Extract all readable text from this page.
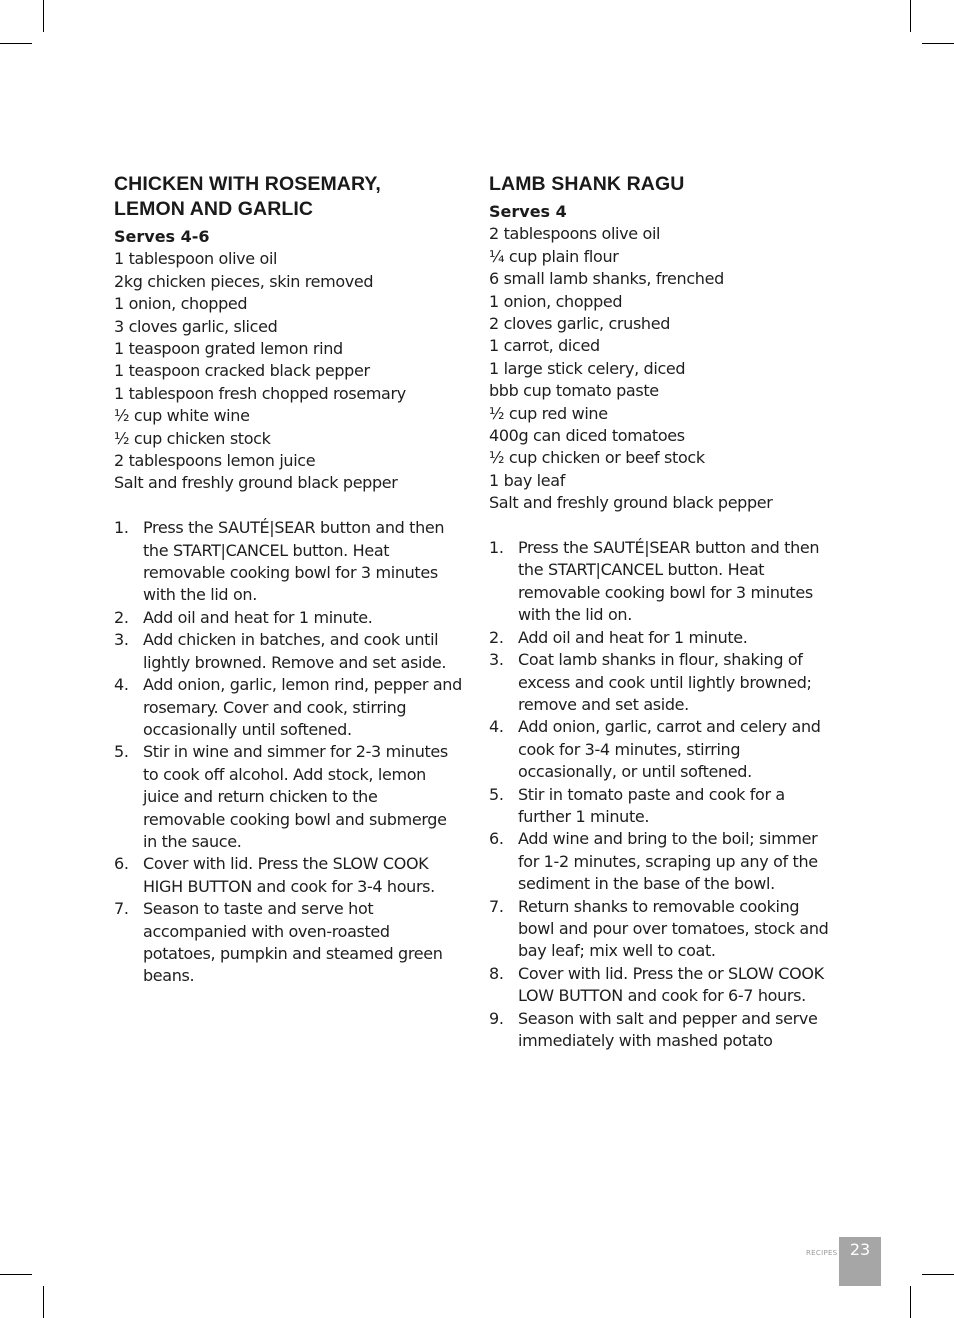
CHICKEN WITH ROSEMARY,
LEMON AND GARLIC
Serves 4-6
1 tablespoon olive oil
2kg chicken pieces, skin removed
1 onion, chopped
3 cloves garlic, sliced
1 teaspoon grated lemon rind
1 teaspoon cracked black pepper
1 tablespoon fresh chopped rosemary
½ cup white wine
½ cup chicken stock
2 tablespoons lemon juice
Salt and freshly ground black pepper
1. Press the SAUTÉ|SEAR button and then the START|CANCEL button. Heat removable cooking bowl for 3 minutes with the lid on.
2. Add oil and heat for 1 minute.
3. Add chicken in batches, and cook until lightly browned. Remove and set aside.
4. Add onion, garlic, lemon rind, pepper and rosemary. Cover and cook, stirring occasionally until softened.
5. Stir in wine and simmer for 2-3 minutes to cook off alcohol. Add stock, lemon juice and return chicken to the removable cooking bowl and submerge in the sauce.
6. Cover with lid. Press the SLOW COOK HIGH BUTTON and cook for 3-4 hours.
7. Season to taste and serve hot accompanied with oven-roasted potatoes, pumpkin and steamed green beans.
LAMB SHANK RAGU
Serves 4
2 tablespoons olive oil
¼ cup plain flour
6 small lamb shanks, frenched
1 onion, chopped
2 cloves garlic, crushed
1 carrot, diced
1 large stick celery, diced
bbb cup tomato paste
½ cup red wine
400g can diced tomatoes
½ cup chicken or beef stock
1 bay leaf
Salt and freshly ground black pepper
1. Press the SAUTÉ|SEAR button and then the START|CANCEL button. Heat removable cooking bowl for 3 minutes with the lid on.
2. Add oil and heat for 1 minute.
3. Coat lamb shanks in flour, shaking of excess and cook until lightly browned; remove and set aside.
4. Add onion, garlic, carrot and celery and cook for 3-4 minutes, stirring occasionally, or until softened.
5. Stir in tomato paste and cook for a further 1 minute.
6. Add wine and bring to the boil; simmer for 1-2 minutes, scraping up any of the sediment in the base of the bowl.
7. Return shanks to removable cooking bowl and pour over tomatoes, stock and bay leaf; mix well to coat.
8. Cover with lid. Press the or SLOW COOK LOW BUTTON and cook for 6-7 hours.
9. Season with salt and pepper and serve immediately with mashed potato
RECIPES 23
